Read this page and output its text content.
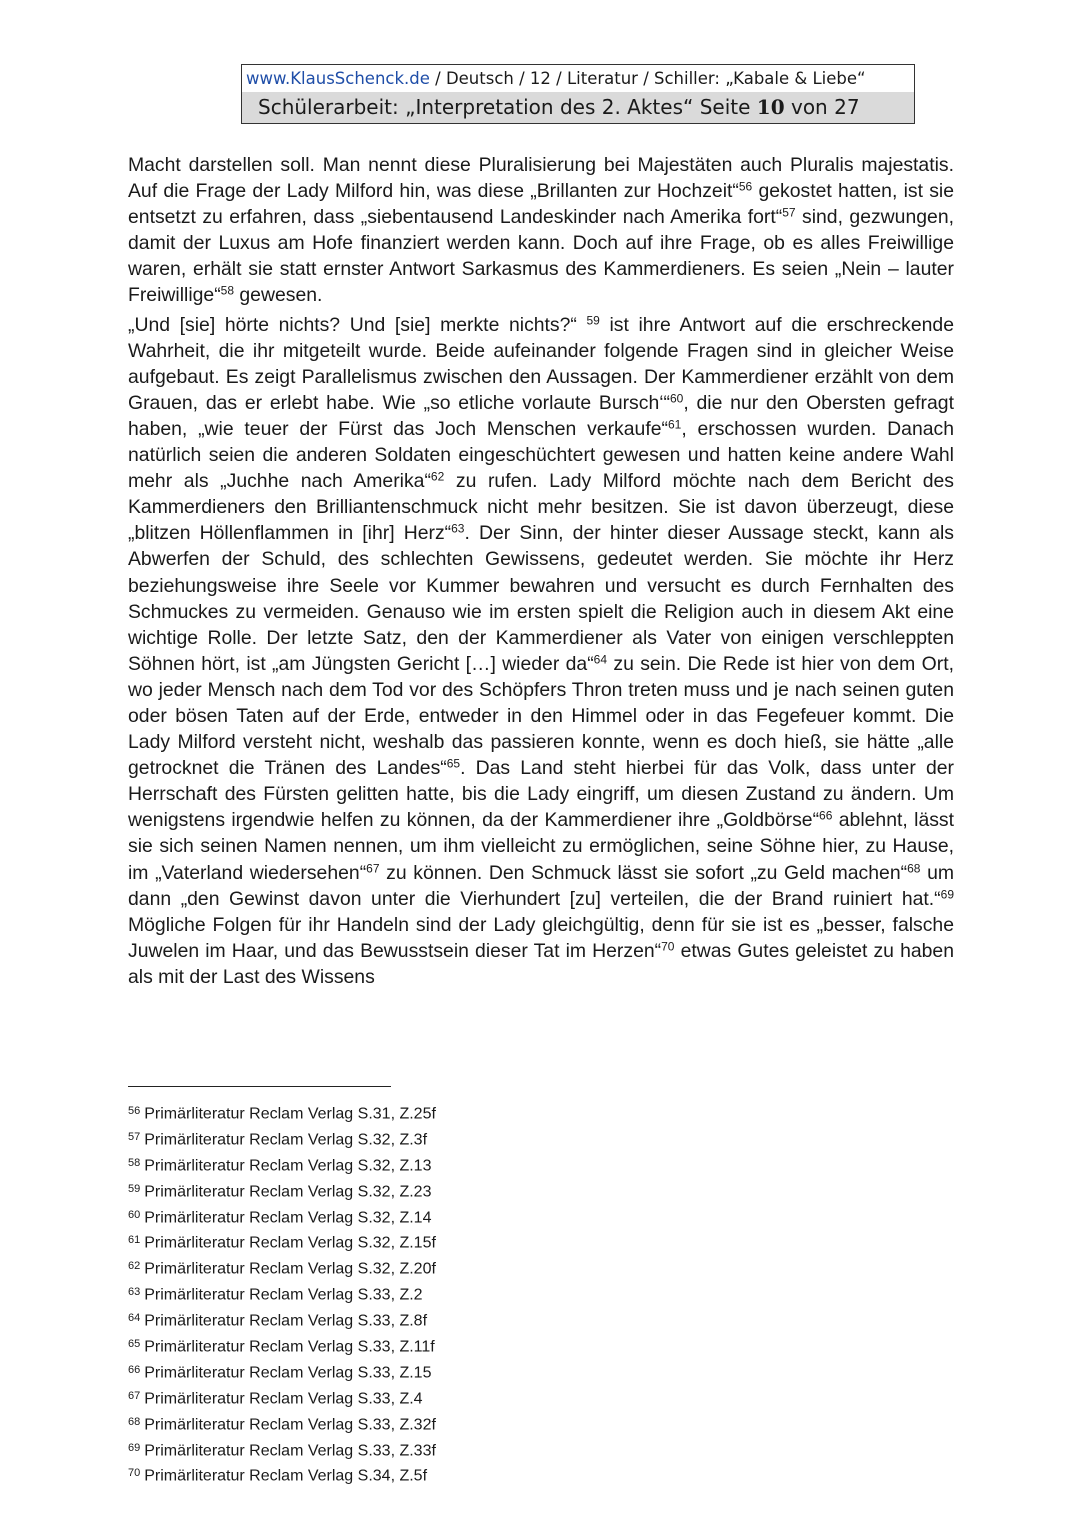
www.KlausSchenck.de / Deutsch / 12 / Literatur / Schiller: „Kabale & Liebe“
Schülerarbeit: „Interpretation des 2. Aktes“ Seite 10 von 27

Macht darstellen soll. Man nennt diese Pluralisierung bei Majestäten auch Pluralis majestatis. Auf die Frage der Lady Milford hin, was diese „Brillanten zur Hochzeit“$^{56}$ gekostet hatten, ist sie entsetzt zu erfahren, dass „siebentausend Landeskinder nach Amerika fort“$^{57}$ sind, gezwungen, damit der Luxus am Hofe finanziert werden kann. Doch auf ihre Frage, ob es alles Freiwillige waren, erhält sie statt ernster Antwort Sarkasmus des Kammerdieners. Es seien „Nein – lauter Freiwillige“$^{58}$ gewesen.

„Und [sie] hörte nichts? Und [sie] merkte nichts?“ $^{59}$ ist ihre Antwort auf die erschreckende Wahrheit, die ihr mitgeteilt wurde. Beide aufeinander folgende Fragen sind in gleicher Weise aufgebaut. Es zeigt Parallelismus zwischen den Aussagen. Der Kammerdiener erzählt von dem Grauen, das er erlebt habe. Wie „so etliche vorlaute Bursch‘“$^{60}$, die nur den Obersten gefragt haben, „wie teuer der Fürst das Joch Menschen verkaufe“$^{61}$, erschossen wurden. Danach natürlich seien die anderen Soldaten eingeschüchtert gewesen und hatten keine andere Wahl mehr als „Juchhe nach Amerika“$^{62}$ zu rufen. Lady Milford möchte nach dem Bericht des Kammerdieners den Brilliantenschmuck nicht mehr besitzen. Sie ist davon überzeugt, diese „blitzen Höllenflammen in [ihr] Herz“$^{63}$. Der Sinn, der hinter dieser Aussage steckt, kann als Abwerfen der Schuld, des schlechten Gewissens, gedeutet werden. Sie möchte ihr Herz beziehungsweise ihre Seele vor Kummer bewahren und versucht es durch Fernhalten des Schmuckes zu vermeiden. Genauso wie im ersten spielt die Religion auch in diesem Akt eine wichtige Rolle. Der letzte Satz, den der Kammerdiener als Vater von einigen verschleppten Söhnen hört, ist „am Jüngsten Gericht […] wieder da“$^{64}$ zu sein. Die Rede ist hier von dem Ort, wo jeder Mensch nach dem Tod vor des Schöpfers Thron treten muss und je nach seinen guten oder bösen Taten auf der Erde, entweder in den Himmel oder in das Fegefeuer kommt. Die Lady Milford versteht nicht, weshalb das passieren konnte, wenn es doch hieß, sie hätte „alle getrocknet die Tränen des Landes“$^{65}$. Das Land steht hierbei für das Volk, dass unter der Herrschaft des Fürsten gelitten hatte, bis die Lady eingriff, um diesen Zustand zu ändern. Um wenigstens irgendwie helfen zu können, da der Kammerdiener ihre „Goldbörse“$^{66}$ ablehnt, lässt sie sich seinen Namen nennen, um ihm vielleicht zu ermöglichen, seine Söhne hier, zu Hause, im „Vaterland wiedersehen“$^{67}$ zu können. Den Schmuck lässt sie sofort „zu Geld machen“$^{68}$ um dann „den Gewinst davon unter die Vierhundert [zu] verteilen, die der Brand ruiniert hat.“$^{69}$ Mögliche Folgen für ihr Handeln sind der Lady gleichgültig, denn für sie ist es „besser, falsche Juwelen im Haar, und das Bewusstsein dieser Tat im Herzen“$^{70}$ etwas Gutes geleistet zu haben als mit der Last des Wissens

$^{56}$ Primärliteratur Reclam Verlag S.31, Z.25f
$^{57}$ Primärliteratur Reclam Verlag S.32, Z.3f
$^{58}$ Primärliteratur Reclam Verlag S.32, Z.13
$^{59}$ Primärliteratur Reclam Verlag S.32, Z.23
$^{60}$ Primärliteratur Reclam Verlag S.32, Z.14
$^{61}$ Primärliteratur Reclam Verlag S.32, Z.15f
$^{62}$ Primärliteratur Reclam Verlag S.32, Z.20f
$^{63}$ Primärliteratur Reclam Verlag S.33, Z.2
$^{64}$ Primärliteratur Reclam Verlag S.33, Z.8f
$^{65}$ Primärliteratur Reclam Verlag S.33, Z.11f
$^{66}$ Primärliteratur Reclam Verlag S.33, Z.15
$^{67}$ Primärliteratur Reclam Verlag S.33, Z.4
$^{68}$ Primärliteratur Reclam Verlag S.33, Z.32f
$^{69}$ Primärliteratur Reclam Verlag S.33, Z.33f
$^{70}$ Primärliteratur Reclam Verlag S.34, Z.5f
